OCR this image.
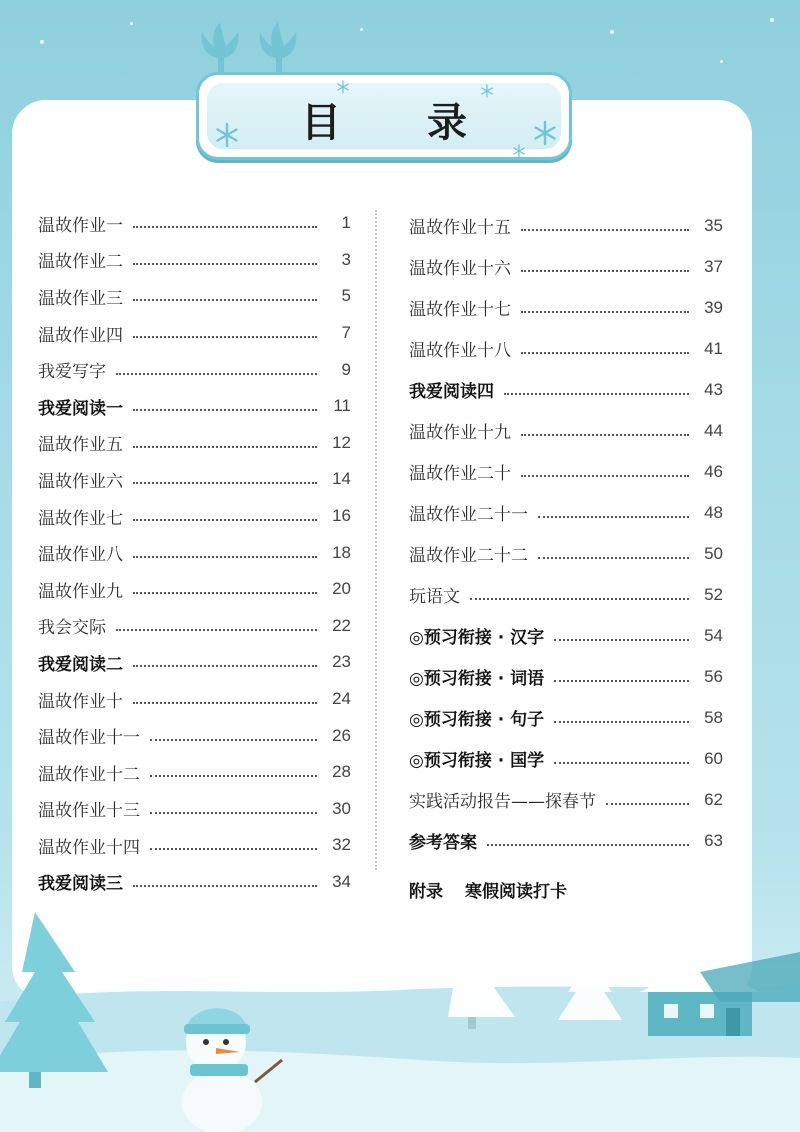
目 录
温故作业一	1
温故作业二	3
温故作业三	5
温故作业四	7
我爱写字	9
我爱阅读一	11
温故作业五	12
温故作业六	14
温故作业七	16
温故作业八	18
温故作业九	20
我会交际	22
我爱阅读二	23
温故作业十	24
温故作业十一	26
温故作业十二	28
温故作业十三	30
温故作业十四	32
我爱阅读三	34
温故作业十五	35
温故作业十六	37
温故作业十七	39
温故作业十八	41
我爱阅读四	43
温故作业十九	44
温故作业二十	46
温故作业二十一	48
温故作业二十二	50
玩语文	52
◎预习衔接 · 汉字	54
◎预习衔接 · 词语	56
◎预习衔接 · 句子	58
◎预习衔接 · 国学	60
实践活动报告——探春节	62
参考答案	63
附录 寒假阅读打卡
